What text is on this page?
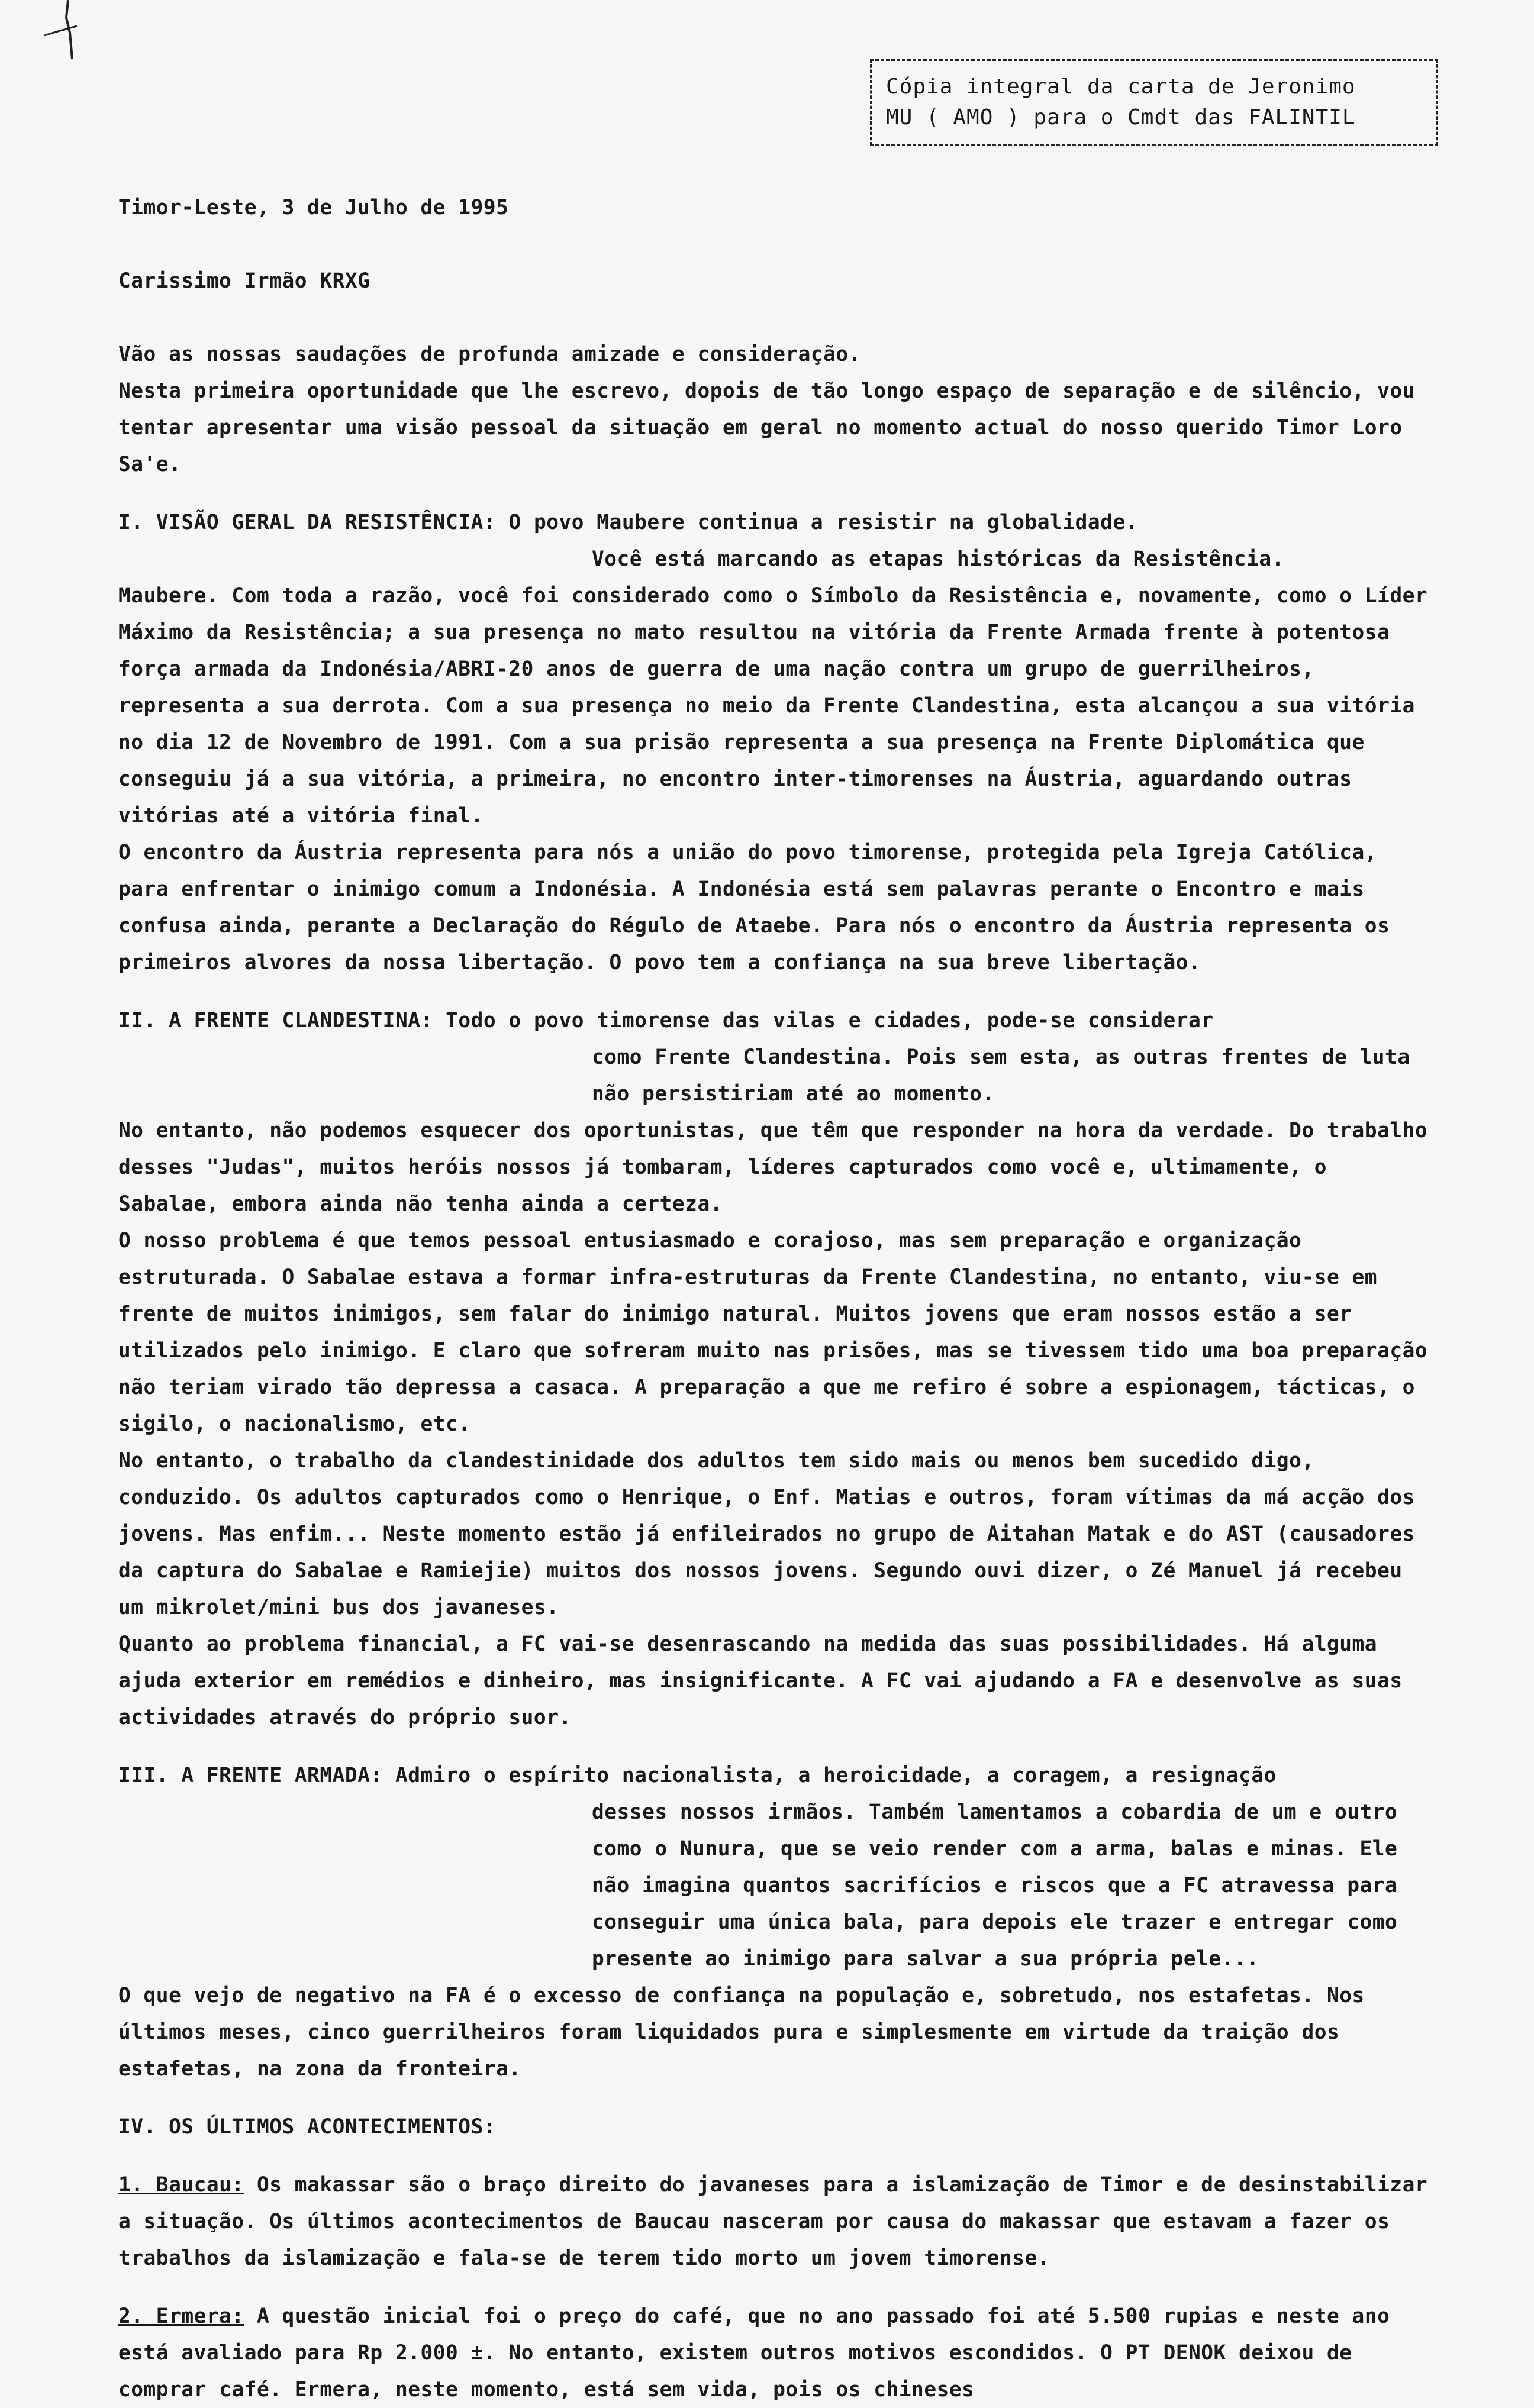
Cópia integral da carta de Jeronimo
MU ( AMO ) para o Cmdt das FALINTIL

Timor-Leste, 3 de Julho de 1995

Carissimo Irmão KRXG

Vão as nossas saudações de profunda amizade e consideração.

Nesta primeira oportunidade que lhe escrevo, dopois de tão longo espaço de separação e de silêncio, vou tentar apresentar uma visão pessoal da situação em geral no momento actual do nosso querido Timor Loro Sa'e.

I. VISÃO GERAL DA RESISTÊNCIA: O povo Maubere continua a resistir na globalidade.

Você está marcando as etapas históricas da Resistência.

Maubere. Com toda a razão, você foi considerado como o Símbolo da Resistência e, novamente, como o Líder Máximo da Resistência; a sua presença no mato resultou na vitória da Frente Armada frente à potentosa força armada da Indonésia/ABRI-20 anos de guerra de uma nação contra um grupo de guerrilheiros, representa a sua derrota. Com a sua presença no meio da Frente Clandestina, esta alcançou a sua vitória no dia 12 de Novembro de 1991. Com a sua prisão representa a sua presença na Frente Diplomática que conseguiu já a sua vitória, a primeira, no encontro inter-timorenses na Áustria, aguardando outras vitórias até a vitória final.

O encontro da Áustria representa para nós a união do povo timorense, protegida pela Igreja Católica, para enfrentar o inimigo comum a Indonésia. A Indonésia está sem palavras perante o Encontro e mais confusa ainda, perante a Declaração do Régulo de Ataebe. Para nós o encontro da Áustria representa os primeiros alvores da nossa libertação. O povo tem a confiança na sua breve libertação.

II. A FRENTE CLANDESTINA: Todo o povo timorense das vilas e cidades, pode-se considerar

como Frente Clandestina. Pois sem esta, as outras frentes de luta não persistiriam até ao momento.

No entanto, não podemos esquecer dos oportunistas, que têm que responder na hora da verdade. Do trabalho desses "Judas", muitos heróis nossos já tombaram, líderes capturados como você e, ultimamente, o Sabalae, embora ainda não tenha ainda a certeza.

O nosso problema é que temos pessoal entusiasmado e corajoso, mas sem preparação e organização estruturada. O Sabalae estava a formar infra-estruturas da Frente Clandestina, no entanto, viu-se em frente de muitos inimigos, sem falar do inimigo natural. Muitos jovens que eram nossos estão a ser utilizados pelo inimigo. E claro que sofreram muito nas prisões, mas se tivessem tido uma boa preparação não teriam virado tão depressa a casaca. A preparação a que me refiro é sobre a espionagem, tácticas, o sigilo, o nacionalismo, etc.

No entanto, o trabalho da clandestinidade dos adultos tem sido mais ou menos bem sucedido digo, conduzido. Os adultos capturados como o Henrique, o Enf. Matias e outros, foram vítimas da má acção dos jovens. Mas enfim... Neste momento estão já enfileirados no grupo de Aitahan Matak e do AST (causadores da captura do Sabalae e Ramiejie) muitos dos nossos jovens. Segundo ouvi dizer, o Zé Manuel já recebeu um mikrolet/mini bus dos javaneses.

Quanto ao problema financial, a FC vai-se desenrascando na medida das suas possibilidades. Há alguma ajuda exterior em remédios e dinheiro, mas insignificante. A FC vai ajudando a FA e desenvolve as suas actividades através do próprio suor.

III. A FRENTE ARMADA: Admiro o espírito nacionalista, a heroicidade, a coragem, a resignação

desses nossos irmãos. Também lamentamos a cobardia de um e outro como o Nunura, que se veio render com a arma, balas e minas. Ele não imagina quantos sacrifícios e riscos que a FC atravessa para conseguir uma única bala, para depois ele trazer e entregar como presente ao inimigo para salvar a sua própria pele...

O que vejo de negativo na FA é o excesso de confiança na população e, sobretudo, nos estafetas. Nos últimos meses, cinco guerrilheiros foram liquidados pura e simplesmente em virtude da traição dos estafetas, na zona da fronteira.

IV. OS ÚLTIMOS ACONTECIMENTOS:

1. Baucau: Os makassar são o braço direito do javaneses para a islamização de Timor e de desinstabilizar a situação. Os últimos acontecimentos de Baucau nasceram por causa do makassar que estavam a fazer os trabalhos da islamização e fala-se de terem tido morto um jovem timorense.

2. Ermera: A questão inicial foi o preço do café, que no ano passado foi até 5.500 rupias e neste ano está avaliado para Rp 2.000 ±. No entanto, existem outros motivos escondidos. O PT DENOK deixou de comprar café. Ermera, neste momento, está sem vida, pois os chineses
